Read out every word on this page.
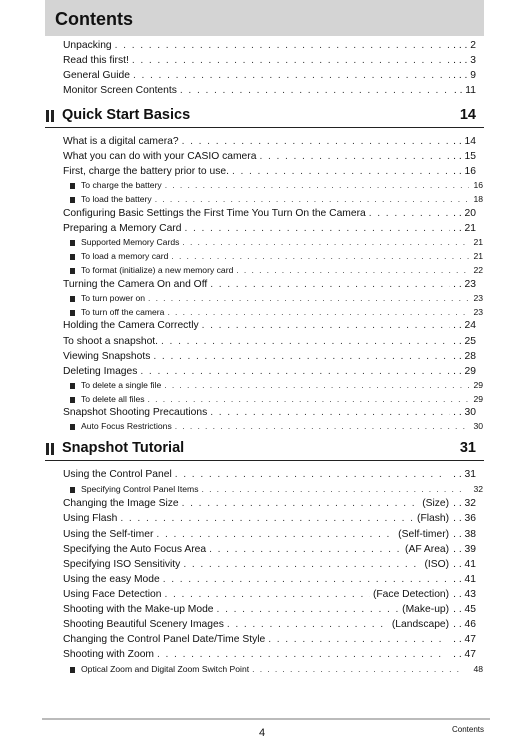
Contents
Unpacking . . .	. . . 2
Read this first! . . .	. . . 3
General Guide . . .	. . . 9
Monitor Screen Contents . . .	. . 11
Quick Start Basics	14
What is a digital camera? . . .	. . 14
What you can do with your CASIO camera . . .	. . 15
First, charge the battery prior to use. . . .	. . 16
To charge the battery . . .	16
To load the battery . . .	18
Configuring Basic Settings the First Time You Turn On the Camera . . .	. . 20
Preparing a Memory Card . . .	. . 21
Supported Memory Cards . . .	21
To load a memory card . . .	21
To format (initialize) a new memory card . . .	22
Turning the Camera On and Off . . .	. . 23
To turn power on . . .	23
To turn off the camera . . .	23
Holding the Camera Correctly . . .	. . 24
To shoot a snapshot. . . .	. . 25
Viewing Snapshots . . .	. . 28
Deleting Images . . .	. . 29
To delete a single file . . .	29
To delete all files . . .	29
Snapshot Shooting Precautions . . .	. . 30
Auto Focus Restrictions . . .	30
Snapshot Tutorial	31
Using the Control Panel . . .	. . 31
Specifying Control Panel Items . . .	32
Changing the Image Size . . .	(Size) . . 32
Using Flash . . .	(Flash) . . 36
Using the Self-timer . . .	(Self-timer) . . 38
Specifying the Auto Focus Area . . .	(AF Area) . . 39
Specifying ISO Sensitivity . . .	(ISO) . . 41
Using the easy Mode . . .	. . 41
Using Face Detection . . .	(Face Detection) . . 43
Shooting with the Make-up Mode . . .	(Make-up) . . 45
Shooting Beautiful Scenery Images . . .	(Landscape) . . 46
Changing the Control Panel Date/Time Style . . .	. . 47
Shooting with Zoom . . .	. . 47
Optical Zoom and Digital Zoom Switch Point . . .	48
4	Contents
